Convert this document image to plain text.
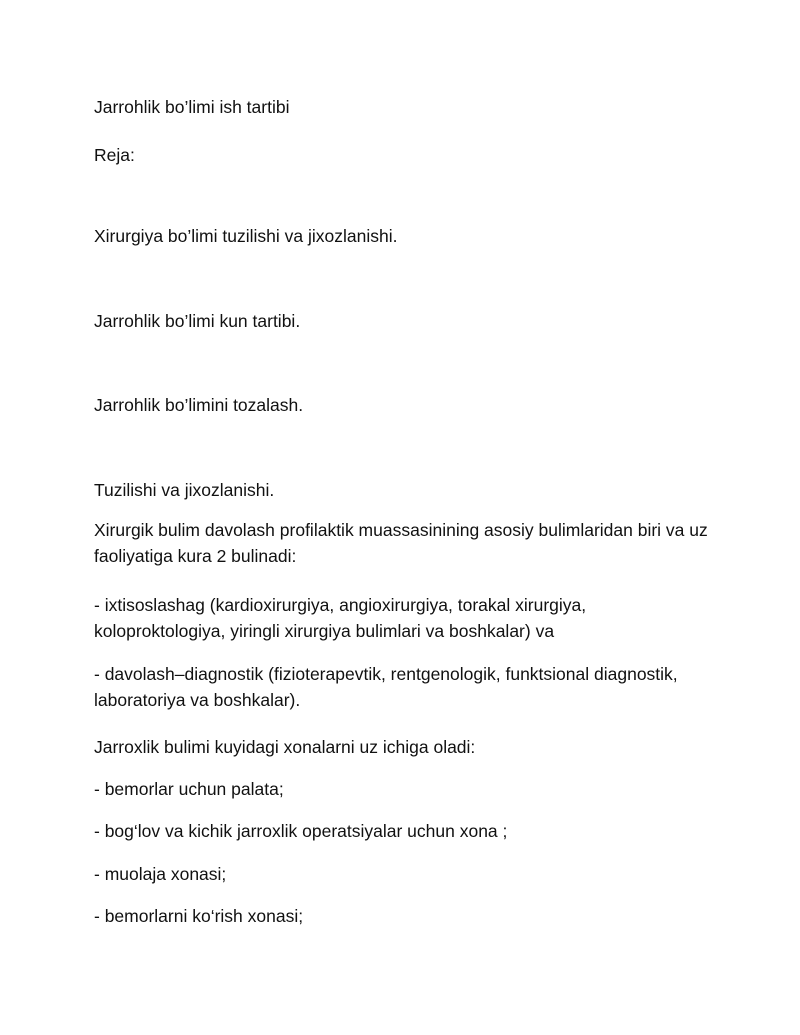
Jarrohlik bo’limi ish tartibi

Reja:

Xirurgiya bo’limi tuzilishi va jixozlanishi.

Jarrohlik bo’limi kun tartibi.

Jarrohlik bo’limini tozalash.

Tuzilishi va jixozlanishi.

Xirurgik bulim davolash profilaktik muassasinining asosiy bulimlaridan biri va uz faoliyatiga kura 2 bulinadi:

- ixtisoslashag (kardioxirurgiya, angioxirurgiya, torakal xirurgiya, koloproktologiya, yiringli xirurgiya bulimlari va boshkalar) va

- davolash–diagnostik (fizioterapevtik, rentgenologik, funktsional diagnostik, laboratoriya va boshkalar).

Jarroxlik bulimi kuyidagi xonalarni uz ichiga oladi:

- bemorlar uchun palata;

- bog‘lov va kichik jarroxlik operatsiyalar uchun xona ;

- muolaja xonasi;

- bemorlarni ko‘rish xonasi;
